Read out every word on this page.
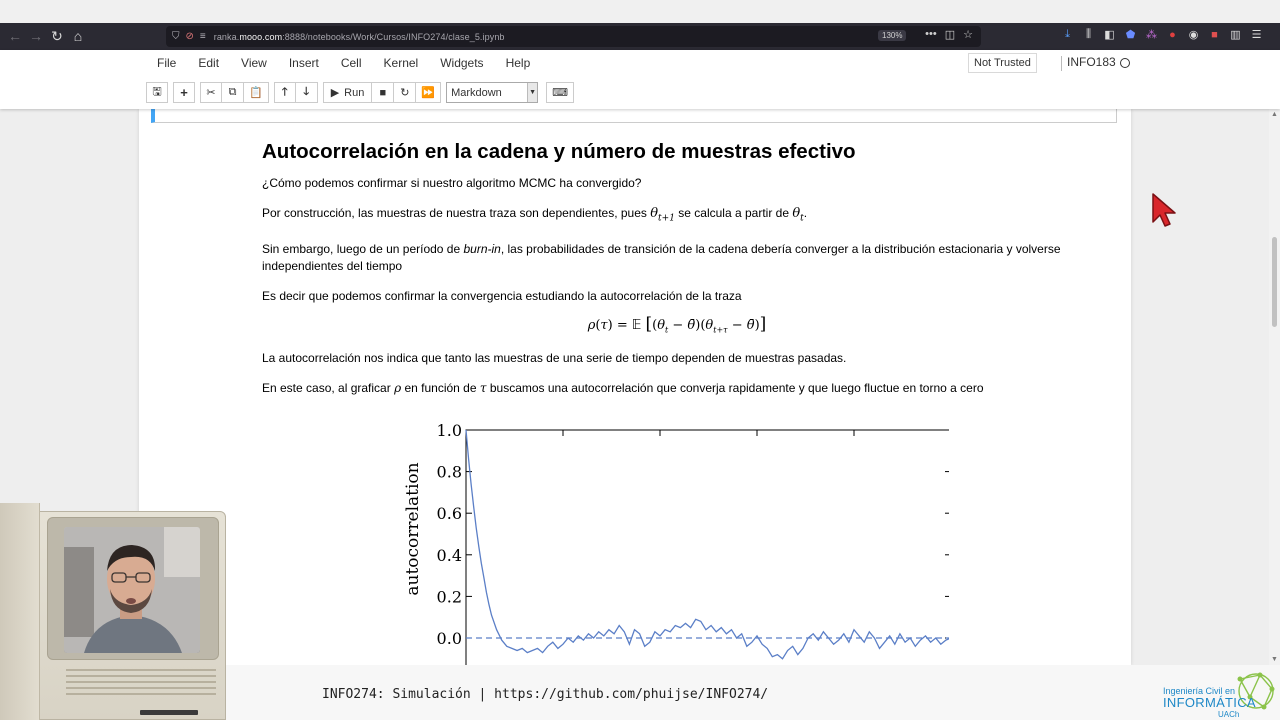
← → ↻ ⌂	⛉ ⊘ ≡ ranka.mooo.com:8888/notebooks/Work/Cursos/INFO274/clase_5.ipynb	130%	••• ◫ ☆	⤓	⫼	◧ ⬟ ⁂	●	◉	■	▥ ☰
File	Edit	View	Insert	Cell	Kernel	Widgets	Help	Not Trusted	INFO183
🖫 + ✂ ⧉ 📋 🡑 🡓 ▶ Run ■ ↻ ⏩ Markdown	▼ ⌨
Autocorrelación en la cadena y número de muestras efectivo
¿Cómo podemos confirmar si nuestro algoritmo MCMC ha convergido?
Por construcción, las muestras de nuestra traza son dependientes, pues $\theta_{t+1}$ se calcula a partir de $\theta_t$.
Sin embargo, luego de un período de burn-in, las probabilidades de transición de la cadena debería converger a la distribución estacionaria y volverse independientes del tiempo
Es decir que podemos confirmar la convergencia estudiando la autocorrelación de la traza
ρ(τ) = 𝔼 [($\theta_t$ − $\thetā)(\theta_{t+\tau}$ − θ̄)]
La autocorrelación nos indica que tanto las muestras de una serie de tiempo dependen de muestras pasadas.
En este caso, al graficar ρ en función de τ buscamos una autocorrelación que converja rapidamente y que luego fluctue en torno a cero
1.0
0.8
0.6
0.4
0.2
0.0
autocorrelation
▲
▼
INFO274: Simulación | https://github.com/phuijse/INFO274/	Ingeniería Civil en
INFORMÁTICA
UACh
